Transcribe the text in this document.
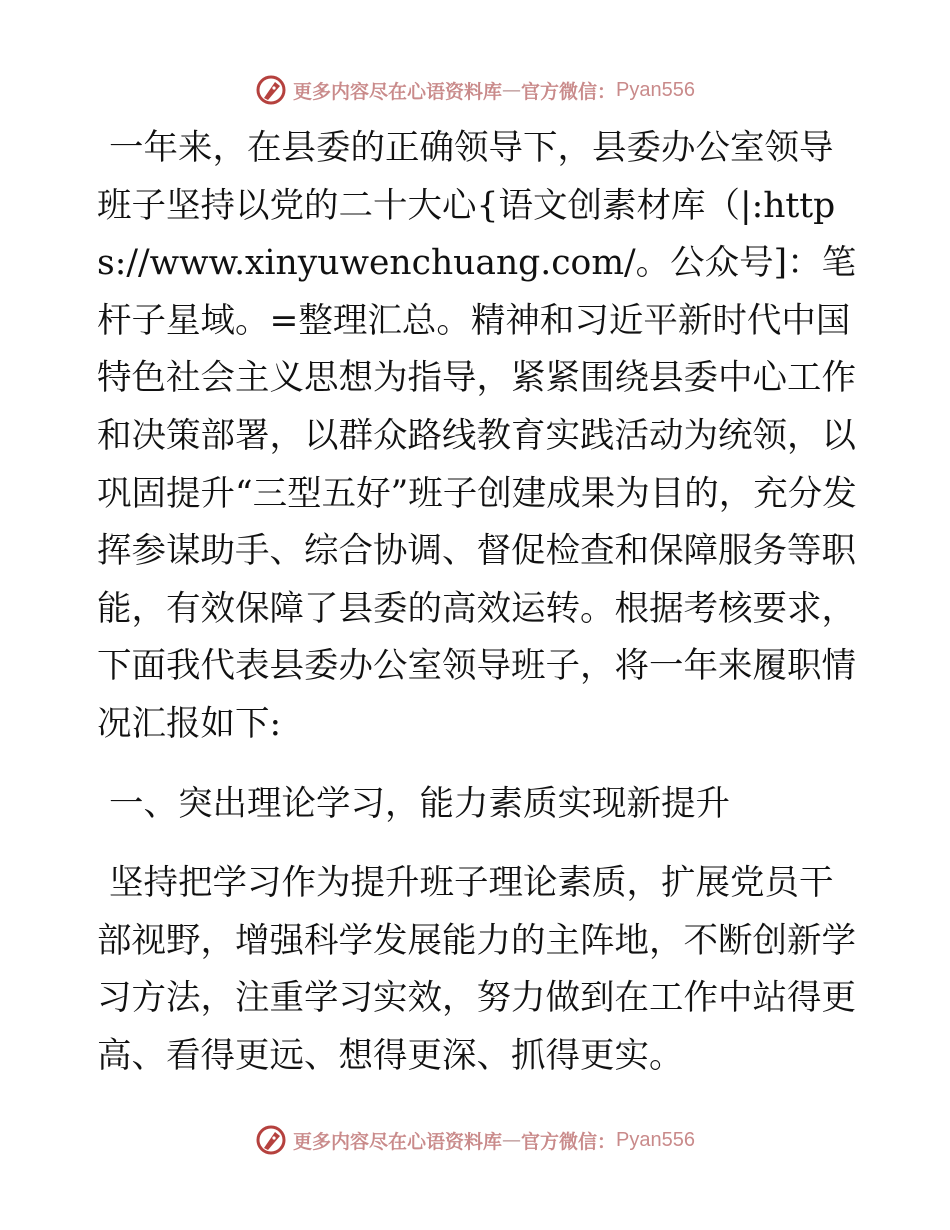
更多内容尽在心语资料库 — 官方微信： Pyan556

一年来，在县委的正确领导下，县委办公室领导班子坚持以党的二十大心{语文创素材库（|:https://www.xinyuwenchuang.com/。公众号]：笔杆子星域。=整理汇总。精神和习近平新时代中国特色社会主义思想为指导，紧紧围绕县委中心工作和决策部署，以群众路线教育实践活动为统领，以巩固提升“三型五好”班子创建成果为目的，充分发挥参谋助手、综合协调、督促检查和保障服务等职能，有效保障了县委的高效运转。根据考核要求，下面我代表县委办公室领导班子，将一年来履职情况汇报如下:

一、突出理论学习，能力素质实现新提升

坚持把学习作为提升班子理论素质，扩展党员干部视野，增强科学发展能力的主阵地，不断创新学习方法，注重学习实效，努力做到在工作中站得更高、看得更远、想得更深、抓得更实。

更多内容尽在心语资料库 — 官方微信： Pyan556
